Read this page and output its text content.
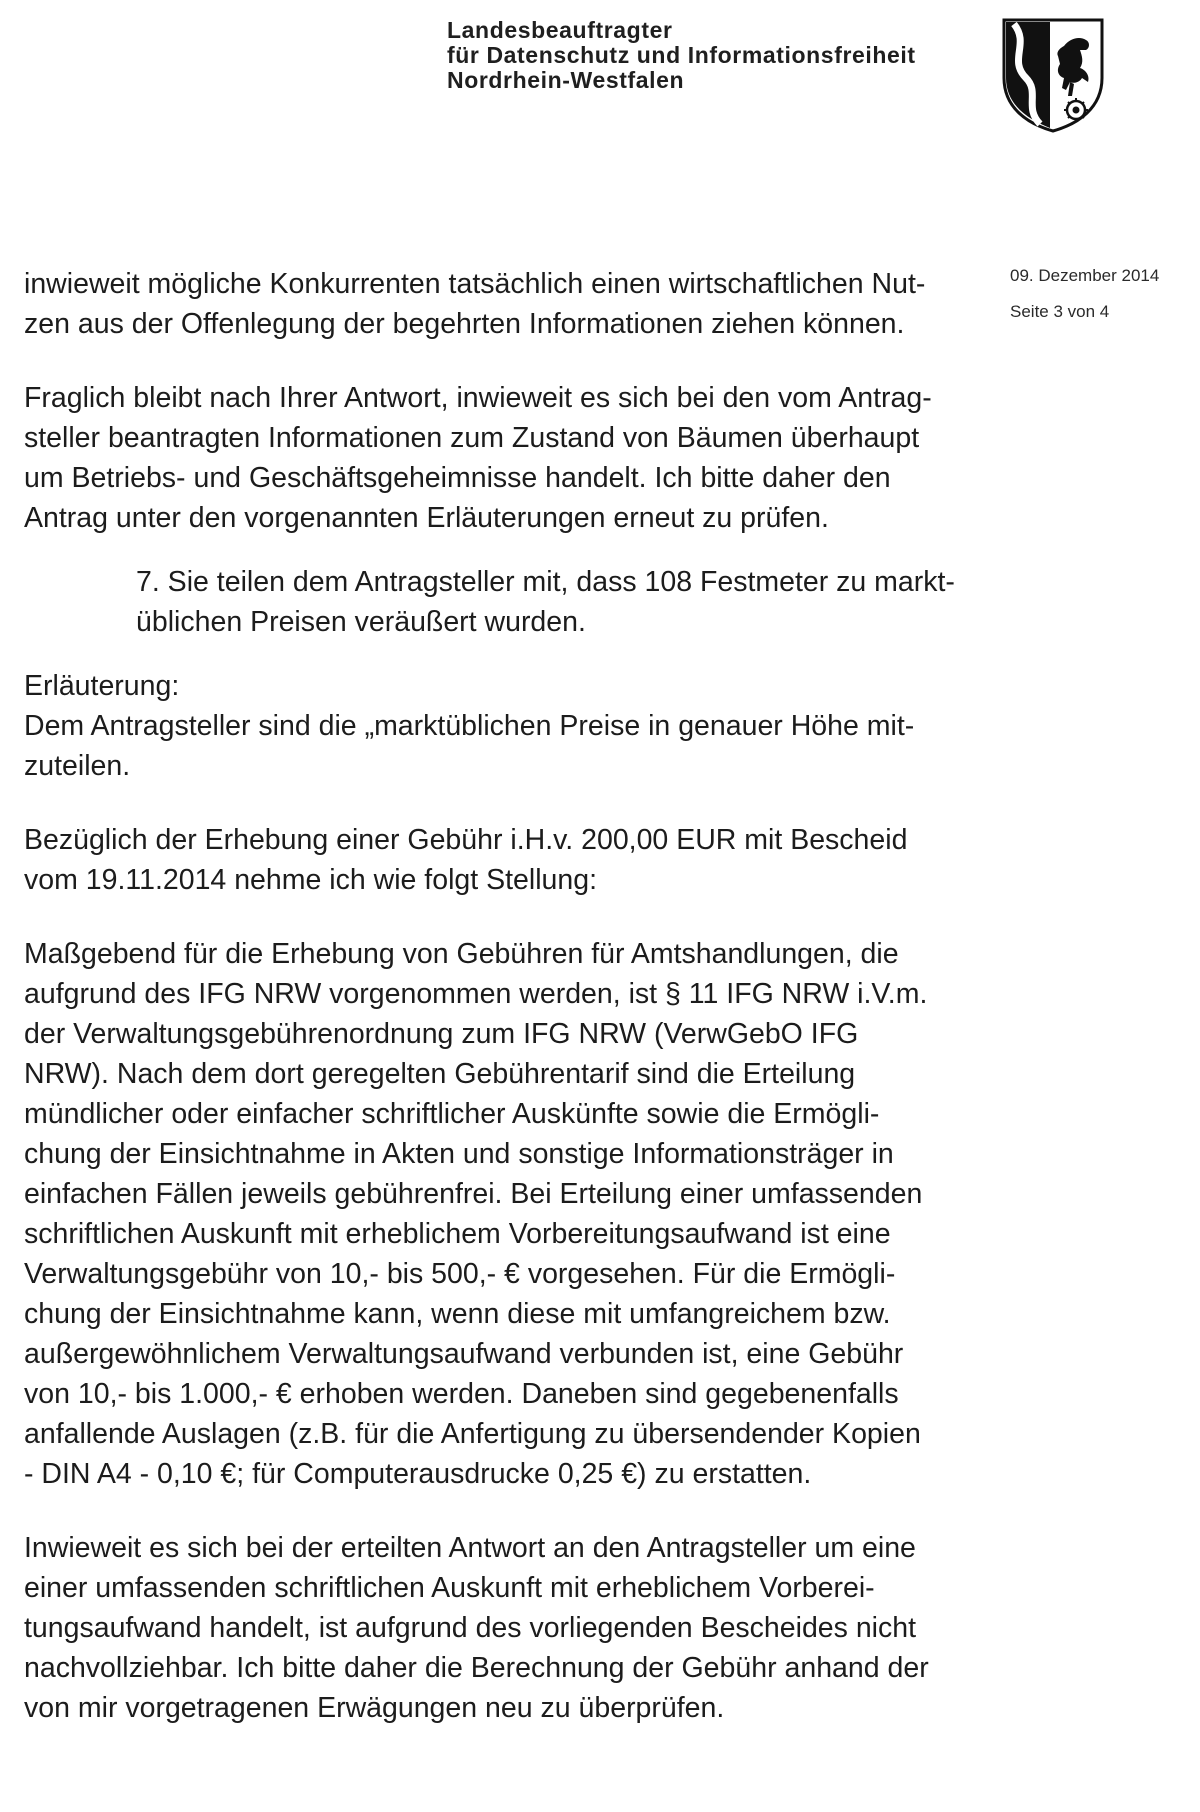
Landesbeauftragter
für Datenschutz und Informationsfreiheit
Nordrhein-Westfalen
09. Dezember 2014
Seite 3 von 4
inwieweit mögliche Konkurrenten tatsächlich einen wirtschaftlichen Nut-
zen aus der Offenlegung der begehrten Informationen ziehen können.
Fraglich bleibt nach Ihrer Antwort, inwieweit es sich bei den vom Antrag-
steller beantragten Informationen zum Zustand von Bäumen überhaupt
um Betriebs- und Geschäftsgeheimnisse handelt. Ich bitte daher den
Antrag unter den vorgenannten Erläuterungen erneut zu prüfen.
7. Sie teilen dem Antragsteller mit, dass 108 Festmeter zu markt-
üblichen Preisen veräußert wurden.
Erläuterung:
Dem Antragsteller sind die „marktüblichen Preise in genauer Höhe mit-
zuteilen.
Bezüglich der Erhebung einer Gebühr i.H.v. 200,00 EUR mit Bescheid
vom 19.11.2014 nehme ich wie folgt Stellung:
Maßgebend für die Erhebung von Gebühren für Amtshandlungen, die
aufgrund des IFG NRW vorgenommen werden, ist § 11 IFG NRW i.V.m.
der Verwaltungsgebührenordnung zum IFG NRW (VerwGebO IFG
NRW). Nach dem dort geregelten Gebührentarif sind die Erteilung
mündlicher oder einfacher schriftlicher Auskünfte sowie die Ermögli-
chung der Einsichtnahme in Akten und sonstige Informationsträger in
einfachen Fällen jeweils gebührenfrei. Bei Erteilung einer umfassenden
schriftlichen Auskunft mit erheblichem Vorbereitungsaufwand ist eine
Verwaltungsgebühr von 10,- bis 500,- € vorgesehen. Für die Ermögli-
chung der Einsichtnahme kann, wenn diese mit umfangreichem bzw.
außergewöhnlichem Verwaltungsaufwand verbunden ist, eine Gebühr
von 10,- bis 1.000,- € erhoben werden. Daneben sind gegebenenfalls
anfallende Auslagen (z.B. für die Anfertigung zu übersendender Kopien
- DIN A4 - 0,10 €; für Computerausdrucke 0,25 €) zu erstatten.
Inwieweit es sich bei der erteilten Antwort an den Antragsteller um eine
einer umfassenden schriftlichen Auskunft mit erheblichem Vorberei-
tungsaufwand handelt, ist aufgrund des vorliegenden Bescheides nicht
nachvollziehbar. Ich bitte daher die Berechnung der Gebühr anhand der
von mir vorgetragenen Erwägungen neu zu überprüfen.
